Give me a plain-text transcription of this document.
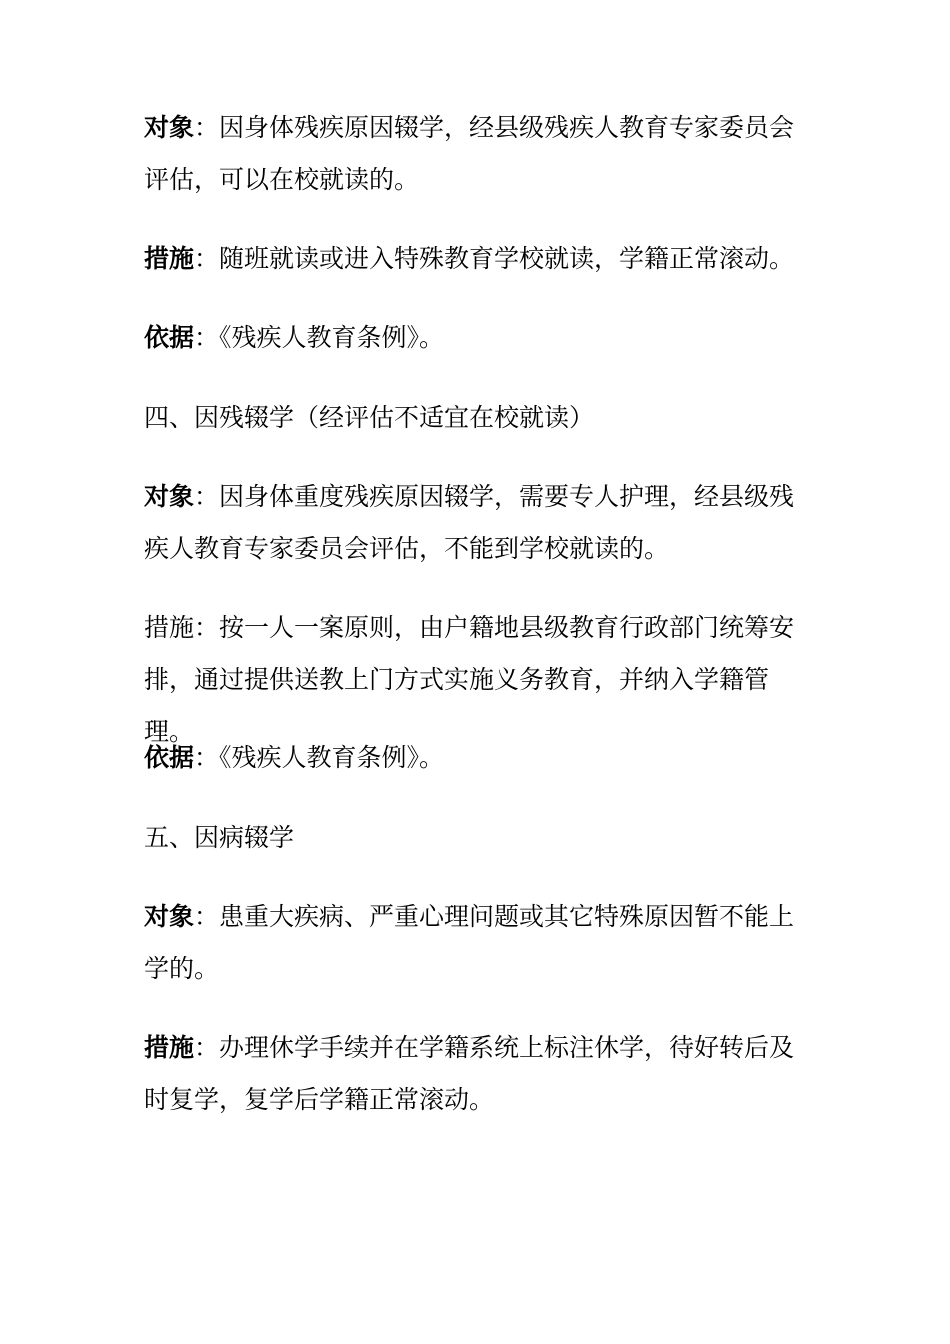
对象：因身体残疾原因辍学，经县级残疾人教育专家委员会评估，可以在校就读的。

措施：随班就读或进入特殊教育学校就读，学籍正常滚动。

依据：《残疾人教育条例》。

四、因残辍学（经评估不适宜在校就读）

对象：因身体重度残疾原因辍学，需要专人护理，经县级残疾人教育专家委员会评估，不能到学校就读的。

措施：按一人一案原则，由户籍地县级教育行政部门统筹安排，通过提供送教上门方式实施义务教育，并纳入学籍管理。

依据：《残疾人教育条例》。

五、因病辍学

对象：患重大疾病、严重心理问题或其它特殊原因暂不能上学的。

措施：办理休学手续并在学籍系统上标注休学，待好转后及时复学，复学后学籍正常滚动。
